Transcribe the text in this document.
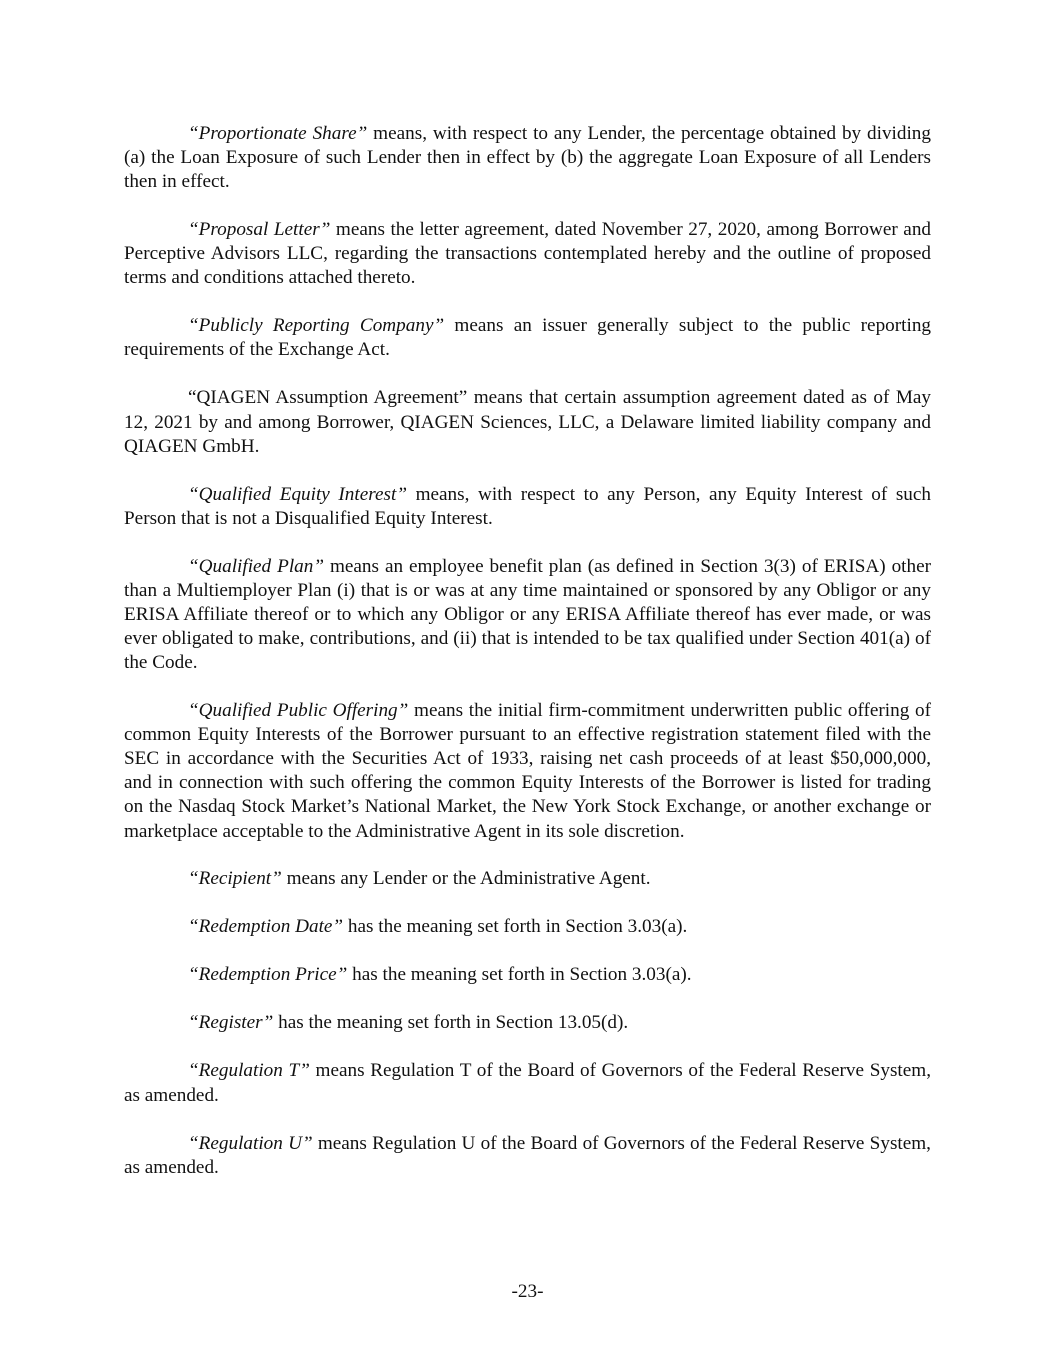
“Proportionate Share” means, with respect to any Lender, the percentage obtained by dividing (a) the Loan Exposure of such Lender then in effect by (b) the aggregate Loan Exposure of all Lenders then in effect.

“Proposal Letter” means the letter agreement, dated November 27, 2020, among Borrower and Perceptive Advisors LLC, regarding the transactions contemplated hereby and the outline of proposed terms and conditions attached thereto.

“Publicly Reporting Company” means an issuer generally subject to the public reporting requirements of the Exchange Act.

“QIAGEN Assumption Agreement” means that certain assumption agreement dated as of May 12, 2021 by and among Borrower, QIAGEN Sciences, LLC, a Delaware limited liability company and QIAGEN GmbH.

“Qualified Equity Interest” means, with respect to any Person, any Equity Interest of such Person that is not a Disqualified Equity Interest.

“Qualified Plan” means an employee benefit plan (as defined in Section 3(3) of ERISA) other than a Multiemployer Plan (i) that is or was at any time maintained or sponsored by any Obligor or any ERISA Affiliate thereof or to which any Obligor or any ERISA Affiliate thereof has ever made, or was ever obligated to make, contributions, and (ii) that is intended to be tax qualified under Section 401(a) of the Code.

“Qualified Public Offering” means the initial firm-commitment underwritten public offering of common Equity Interests of the Borrower pursuant to an effective registration statement filed with the SEC in accordance with the Securities Act of 1933, raising net cash proceeds of at least $50,000,000, and in connection with such offering the common Equity Interests of the Borrower is listed for trading on the Nasdaq Stock Market’s National Market, the New York Stock Exchange, or another exchange or marketplace acceptable to the Administrative Agent in its sole discretion.

“Recipient” means any Lender or the Administrative Agent.

“Redemption Date” has the meaning set forth in Section 3.03(a).

“Redemption Price” has the meaning set forth in Section 3.03(a).

“Register” has the meaning set forth in Section 13.05(d).

“Regulation T” means Regulation T of the Board of Governors of the Federal Reserve System, as amended.

“Regulation U” means Regulation U of the Board of Governors of the Federal Reserve System, as amended.

-23-
